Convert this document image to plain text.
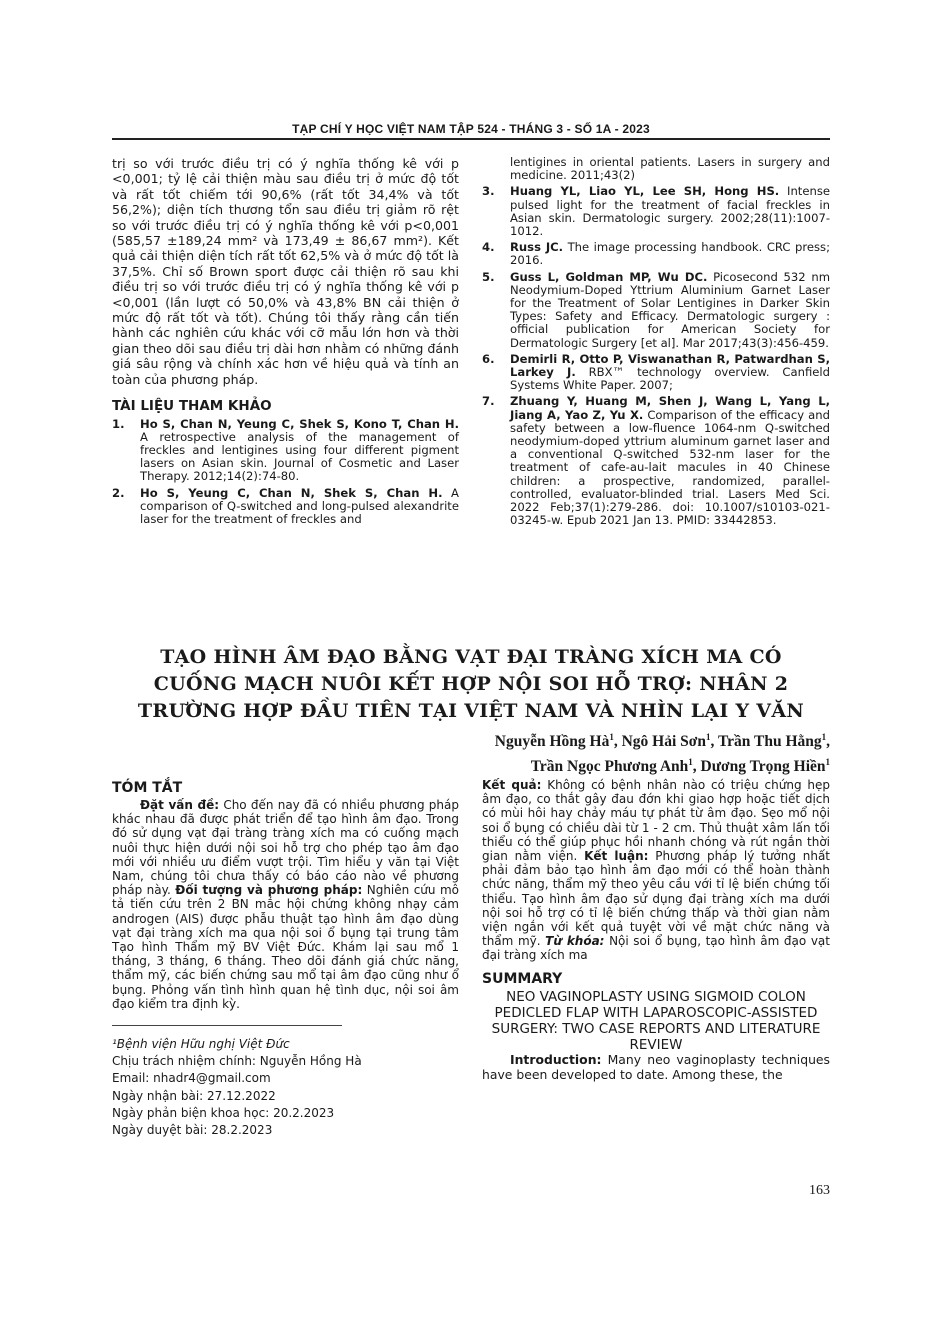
TẠP CHÍ Y HỌC VIỆT NAM TẬP 524 - THÁNG 3 - SỐ 1A - 2023

trị so với trước điều trị có ý nghĩa thống kê với p <0,001; tỷ lệ cải thiện màu sau điều trị ở mức độ tốt và rất tốt chiếm tới 90,6% (rất tốt 34,4% và tốt 56,2%); diện tích thương tổn sau điều trị giảm rõ rệt so với trước điều trị có ý nghĩa thống kê với p<0,001 (585,57 ±189,24 mm² và 173,49 ± 86,67 mm²). Kết quả cải thiện diện tích rất tốt 62,5% và ở mức độ tốt là 37,5%. Chỉ số Brown sport được cải thiện rõ sau khi điều trị so với trước điều trị có ý nghĩa thống kê với p <0,001 (lần lượt có 50,0% và 43,8% BN cải thiện ở mức độ rất tốt và tốt). Chúng tôi thấy rằng cần tiến hành các nghiên cứu khác với cỡ mẫu lớn hơn và thời gian theo dõi sau điều trị dài hơn nhằm có những đánh giá sâu rộng và chính xác hơn về hiệu quả và tính an toàn của phương pháp.

TÀI LIỆU THAM KHẢO
1.	Ho S, Chan N, Yeung C, Shek S, Kono T, Chan H. A retrospective analysis of the management of freckles and lentigines using four different pigment lasers on Asian skin. Journal of Cosmetic and Laser Therapy. 2012;14(2):74-80.
2.	Ho S, Yeung C, Chan N, Shek S, Chan H. A comparison of Q-switched and long-pulsed alexandrite laser for the treatment of freckles and
lentigines in oriental patients. Lasers in surgery and medicine. 2011;43(2)
3.	Huang YL, Liao YL, Lee SH, Hong HS. Intense pulsed light for the treatment of facial freckles in Asian skin. Dermatologic surgery. 2002;28(11):1007-1012.
4.	Russ JC. The image processing handbook. CRC press; 2016.
5.	Guss L, Goldman MP, Wu DC. Picosecond 532 nm Neodymium-Doped Yttrium Aluminium Garnet Laser for the Treatment of Solar Lentigines in Darker Skin Types: Safety and Efficacy. Dermatologic surgery : official publication for American Society for Dermatologic Surgery [et al]. Mar 2017;43(3):456-459.
6.	Demirli R, Otto P, Viswanathan R, Patwardhan S, Larkey J. RBX™ technology overview. Canfield Systems White Paper. 2007;
7.	Zhuang Y, Huang M, Shen J, Wang L, Yang L, Jiang A, Yao Z, Yu X. Comparison of the efficacy and safety between a low-fluence 1064-nm Q-switched neodymium-doped yttrium aluminum garnet laser and a conventional Q-switched 532-nm laser for the treatment of cafe-au-lait macules in 40 Chinese children: a prospective, randomized, parallel-controlled, evaluator-blinded trial. Lasers Med Sci. 2022 Feb;37(1):279-286. doi: 10.1007/s10103-021-03245-w. Epub 2021 Jan 13. PMID: 33442853.
TẠO HÌNH ÂM ĐẠO BẰNG VẠT ĐẠI TRÀNG XÍCH MA CÓ
CUỐNG MẠCH NUÔI KẾT HỢP NỘI SOI HỖ TRỢ: NHÂN 2
TRƯỜNG HỢP ĐẦU TIÊN TẠI VIỆT NAM VÀ NHÌN LẠI Y VĂN
Nguyễn Hồng $Hà^1$, Ngô Hải Sơn$^1$, Trần Thu Hằng$^1$,
Trần Ngọc Phương Anh$^1$, Dương Trọng Hiền$^1$
TÓM TẮT
Đặt vấn đề: Cho đến nay đã có nhiều phương pháp khác nhau đã được phát triển để tạo hình âm đạo. Trong đó sử dụng vạt đại tràng tràng xích ma có cuống mạch nuôi thực hiện dưới nội soi hỗ trợ cho phép tạo âm đạo mới với nhiều ưu điểm vượt trội. Tìm hiểu y văn tại Việt Nam, chúng tôi chưa thấy có báo cáo nào về phương pháp này. Đối tượng và phương pháp: Nghiên cứu mô tả tiến cứu trên 2 BN mắc hội chứng không nhạy cảm androgen (AIS) được phẫu thuật tạo hình âm đạo dùng vạt đại tràng xích ma qua nội soi ổ bụng tại trung tâm Tạo hình Thẩm mỹ BV Việt Đức. Khám lại sau mổ 1 tháng, 3 tháng, 6 tháng. Theo dõi đánh giá chức năng, thẩm mỹ, các biến chứng sau mổ tại âm đạo cũng như ổ bụng. Phỏng vấn tình hình quan hệ tình dục, nội soi âm đạo kiểm tra định kỳ.
¹Bệnh viện Hữu nghị Việt Đức
Chịu trách nhiệm chính: Nguyễn Hồng Hà
Email: nhadr4@gmail.com
Ngày nhận bài: 27.12.2022
Ngày phản biện khoa học: 20.2.2023
Ngày duyệt bài: 28.2.2023
Kết quả: Không có bệnh nhân nào có triệu chứng hẹp âm đạo, co thắt gây đau đớn khi giao hợp hoặc tiết dịch có mùi hôi hay chảy máu tự phát từ âm đạo. Sẹo mổ nội soi ổ bụng có chiều dài từ 1 - 2 cm. Thủ thuật xâm lấn tối thiểu có thể giúp phục hồi nhanh chóng và rút ngắn thời gian nằm viện. Kết luận: Phương pháp lý tưởng nhất phải đảm bảo tạo hình âm đạo mới có thể hoàn thành chức năng, thẩm mỹ theo yêu cầu với tỉ lệ biến chứng tối thiểu. Tạo hình âm đạo sử dụng đại tràng xích ma dưới nội soi hỗ trợ có tỉ lệ biến chứng thấp và thời gian nằm viện ngắn với kết quả tuyệt vời về mặt chức năng và thẩm mỹ. Từ khóa: Nội soi ổ bụng, tạo hình âm đạo vạt đại tràng xích ma
SUMMARY
NEO VAGINOPLASTY USING SIGMOID COLON PEDICLED FLAP WITH LAPAROSCOPIC-ASSISTED SURGERY: TWO CASE REPORTS AND LITERATURE REVIEW
Introduction: Many neo vaginoplasty techniques have been developed to date. Among these, the
163
